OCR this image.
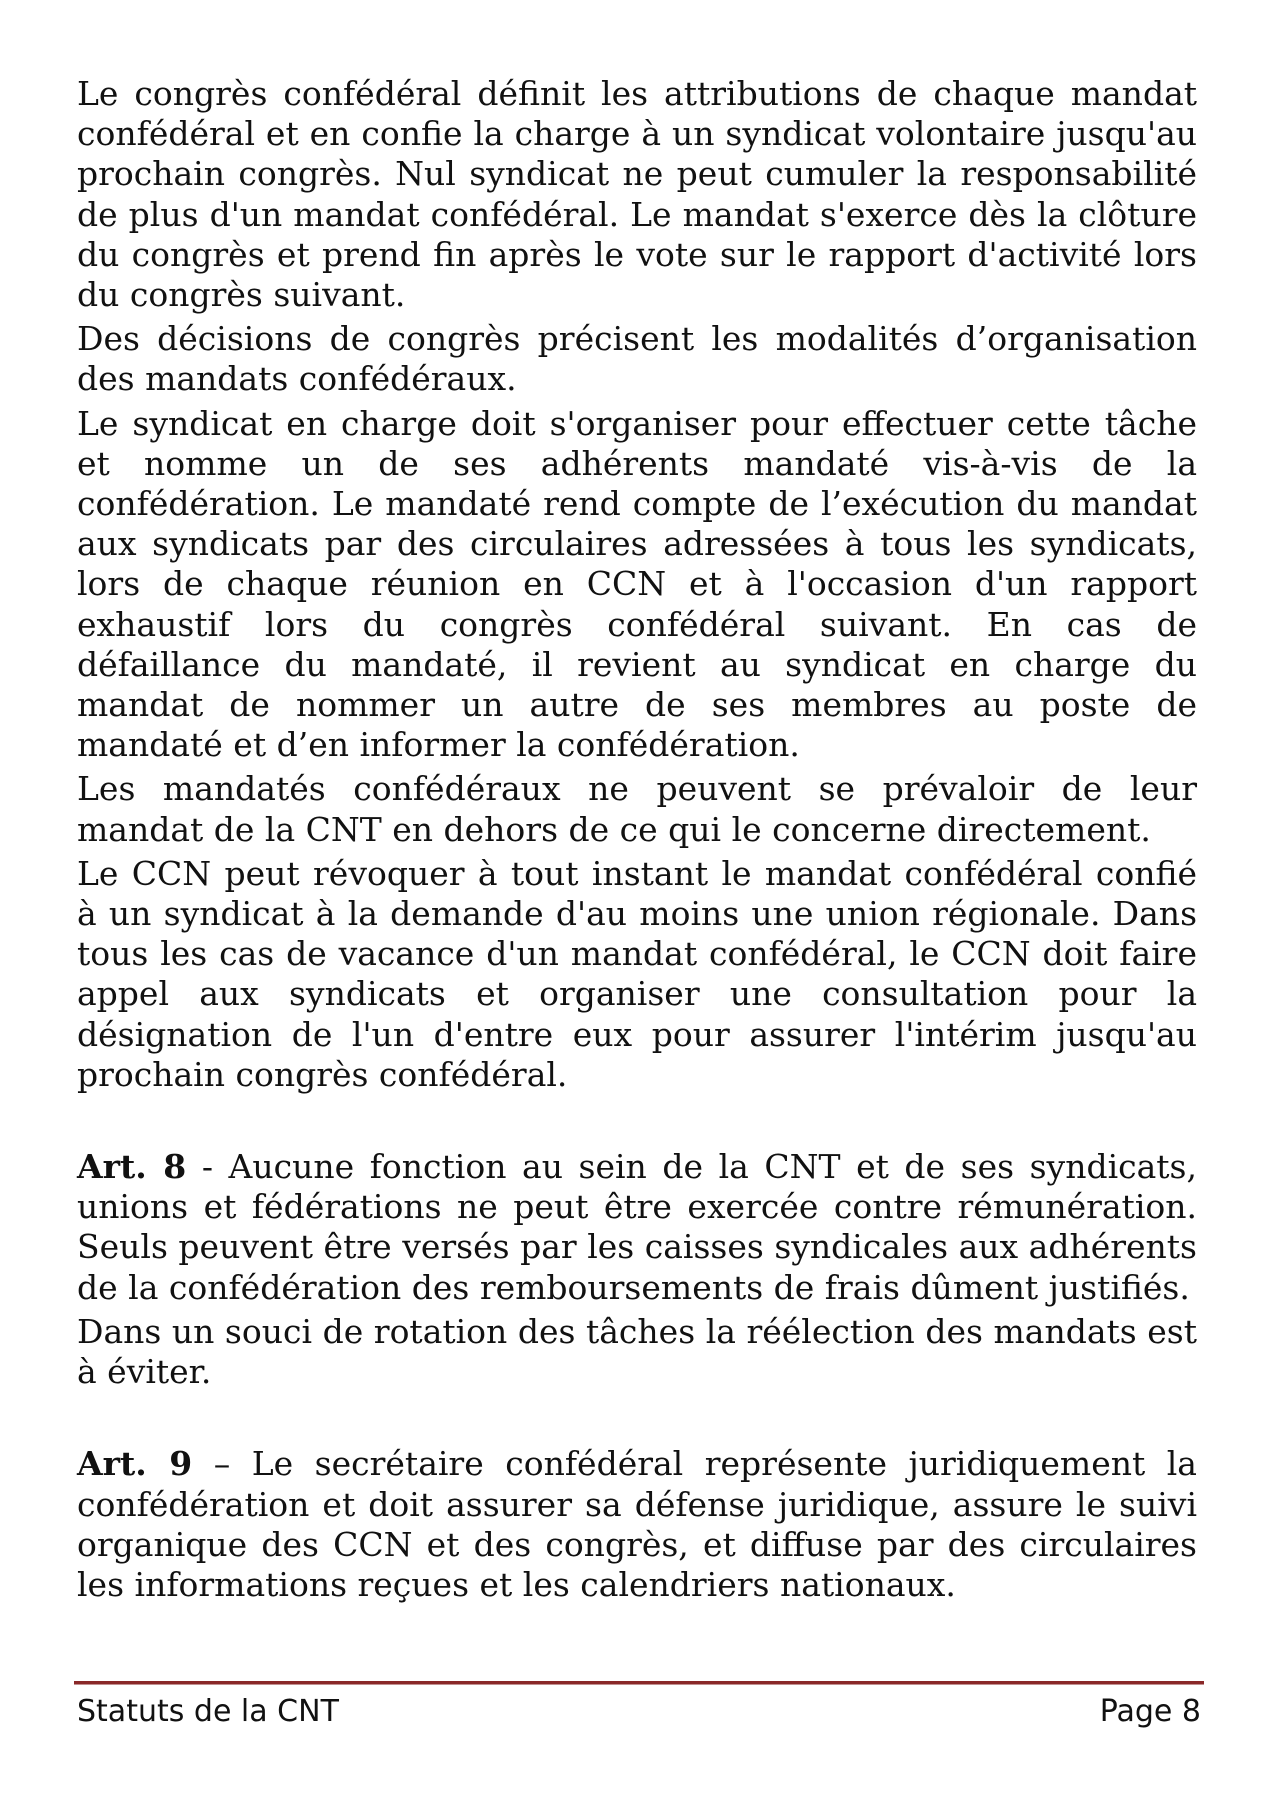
Le congrès confédéral définit les attributions de chaque mandat confédéral et en confie la charge à un syndicat volontaire jusqu'au prochain congrès. Nul syndicat ne peut cumuler la responsabilité de plus d'un mandat confédéral. Le mandat s'exerce dès la clôture du congrès et prend fin après le vote sur le rapport d'activité lors du congrès suivant.

Des décisions de congrès précisent les modalités d’organisation des mandats confédéraux.

Le syndicat en charge doit s'organiser pour effectuer cette tâche et nomme un de ses adhérents mandaté vis-à-vis de la confédération. Le mandaté rend compte de l’exécution du mandat aux syndicats par des circulaires adressées à tous les syndicats, lors de chaque réunion en CCN et à l'occasion d'un rapport exhaustif lors du congrès confédéral suivant. En cas de défaillance du mandaté, il revient au syndicat en charge du mandat de nommer un autre de ses membres au poste de mandaté et d’en informer la confédération.

Les mandatés confédéraux ne peuvent se prévaloir de leur mandat de la CNT en dehors de ce qui le concerne directement.

Le CCN peut révoquer à tout instant le mandat confédéral confié à un syndicat à la demande d'au moins une union régionale. Dans tous les cas de vacance d'un mandat confédéral, le CCN doit faire appel aux syndicats et organiser une consultation pour la désignation de l'un d'entre eux pour assurer l'intérim jusqu'au prochain congrès confédéral.

Art. 8 - Aucune fonction au sein de la CNT et de ses syndicats, unions et fédérations ne peut être exercée contre rémunération. Seuls peuvent être versés par les caisses syndicales aux adhérents de la confédération des remboursements de frais dûment justifiés.

Dans un souci de rotation des tâches la réélection des mandats est à éviter.

Art. 9 – Le secrétaire confédéral représente juridiquement la confédération et doit assurer sa défense juridique, assure le suivi organique des CCN et des congrès, et diffuse par des circulaires les informations reçues et les calendriers nationaux.

Statuts de la CNT	Page 8
